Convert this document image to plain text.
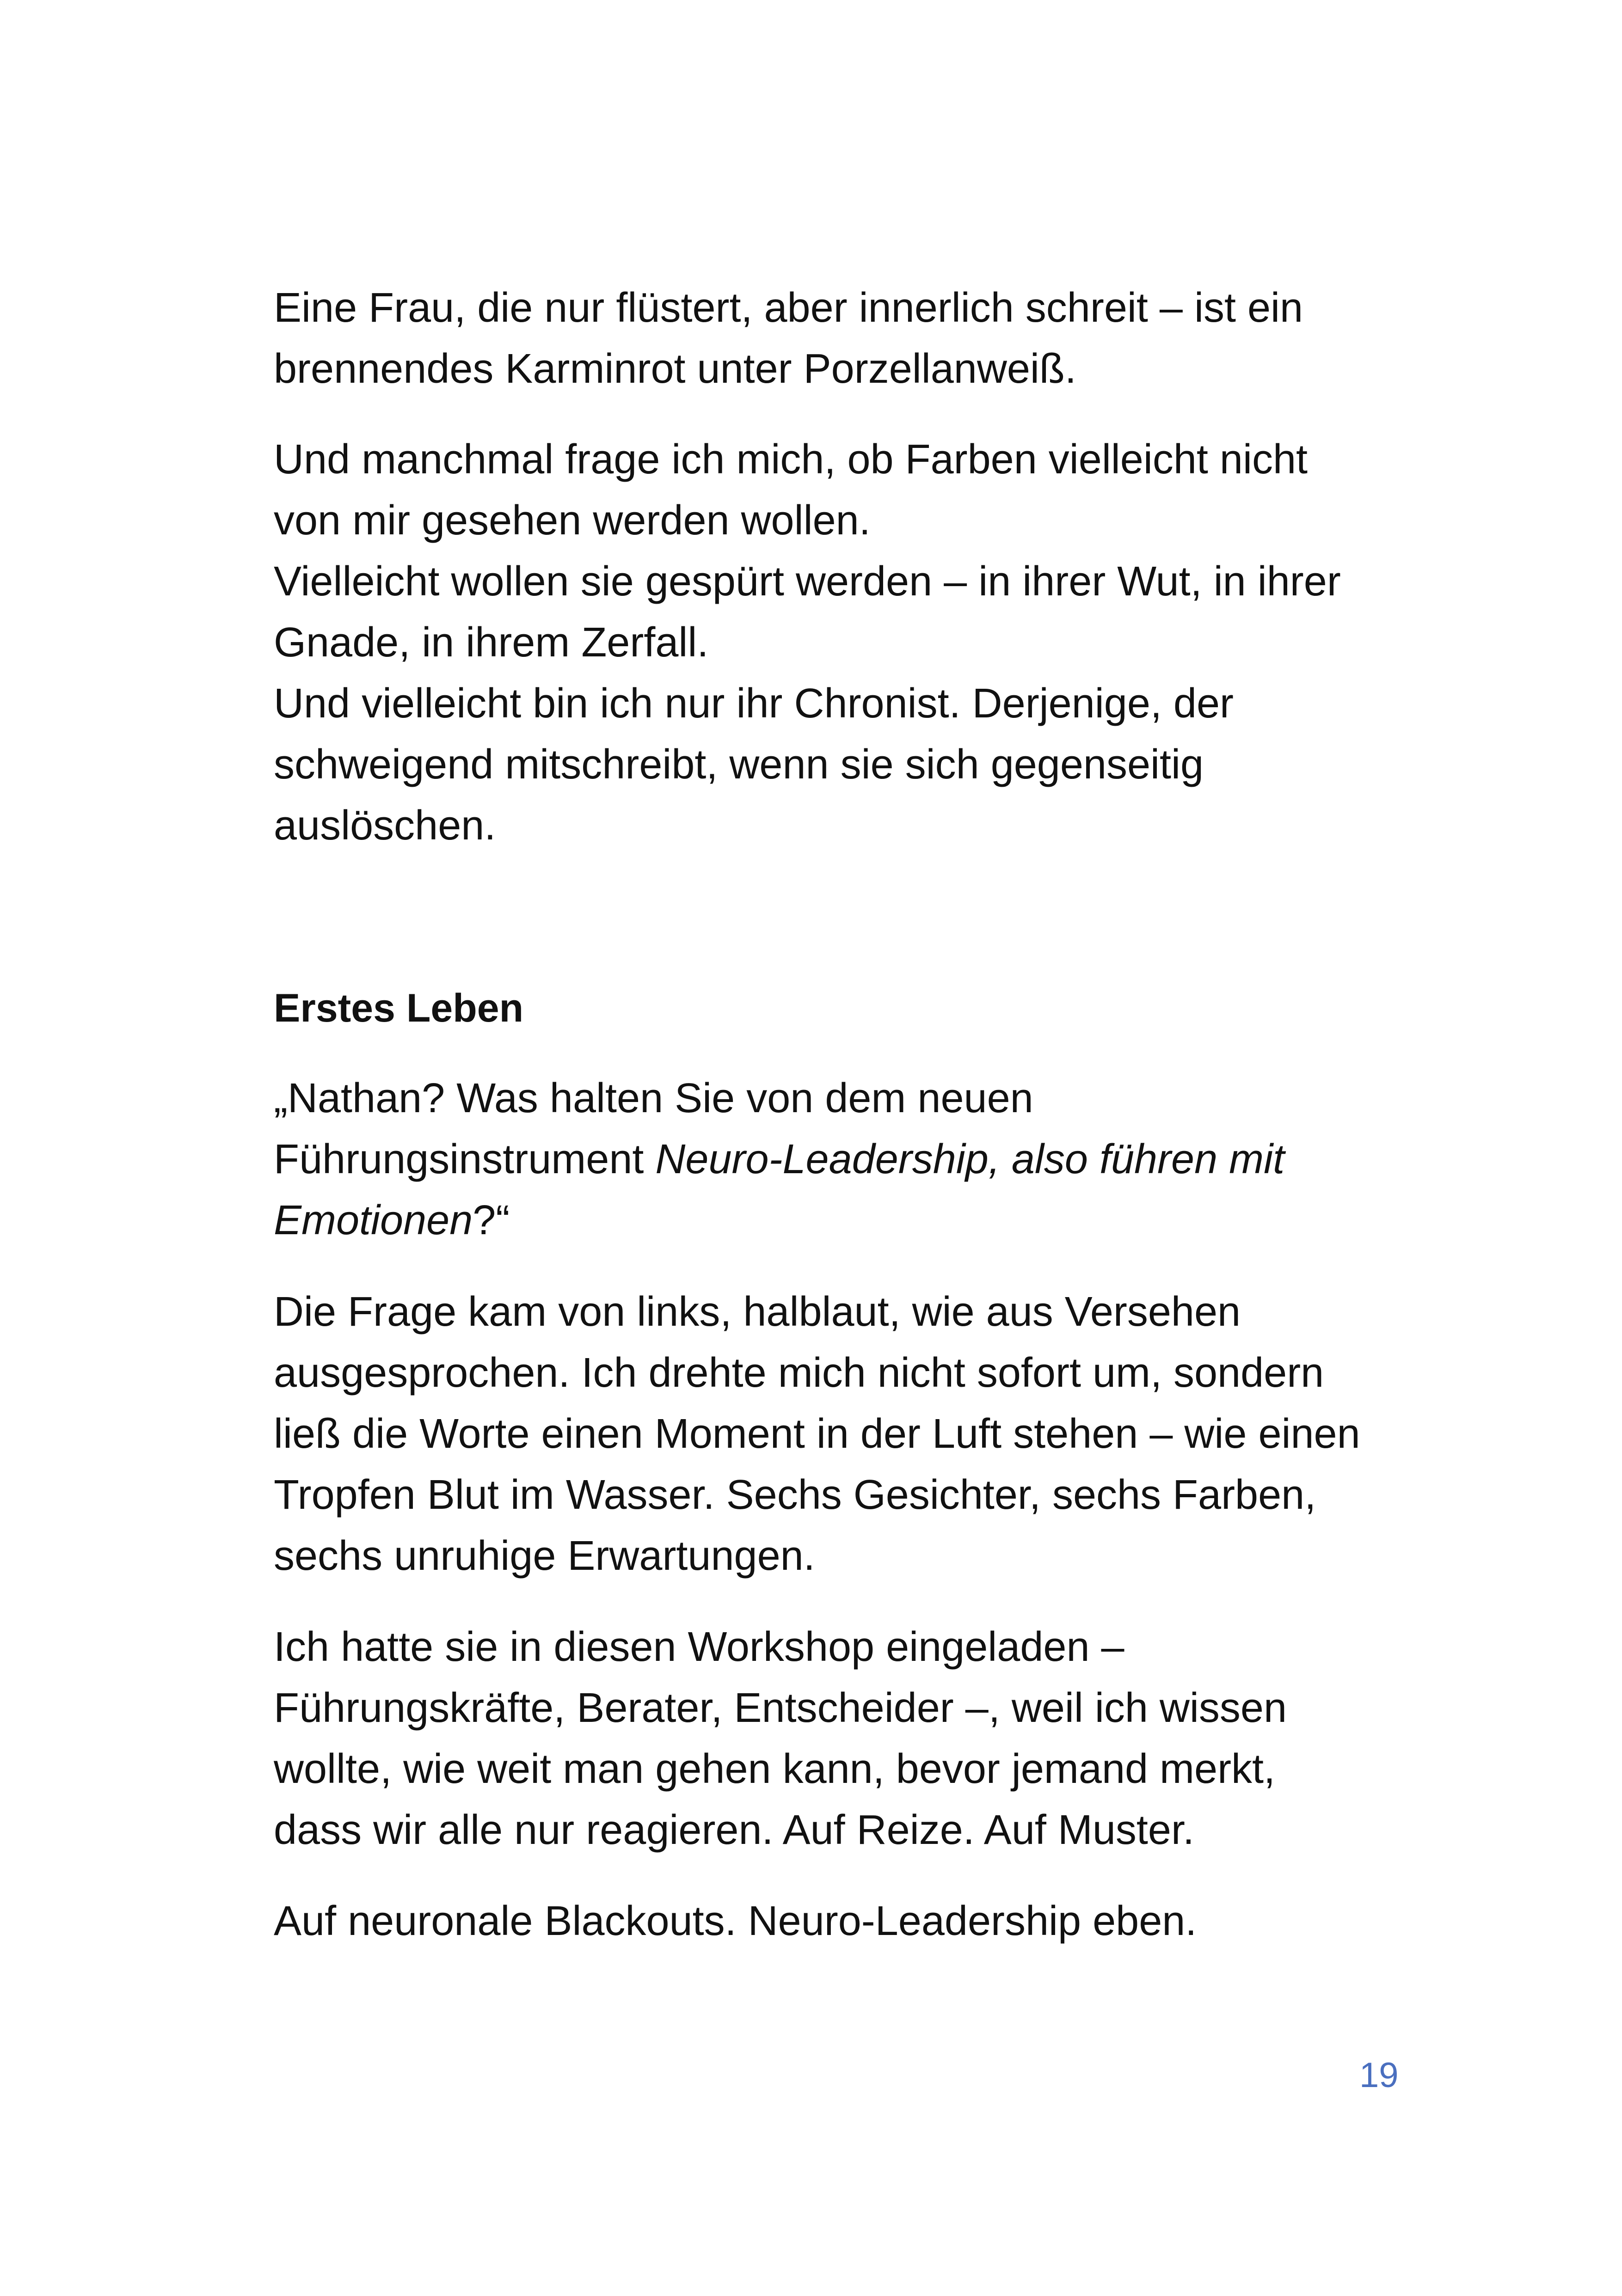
Eine Frau, die nur flüstert, aber innerlich schreit – ist ein
brennendes Karminrot unter Porzellanweiß.

Und manchmal frage ich mich, ob Farben vielleicht nicht
von mir gesehen werden wollen.
Vielleicht wollen sie gespürt werden – in ihrer Wut, in ihrer
Gnade, in ihrem Zerfall.
Und vielleicht bin ich nur ihr Chronist. Derjenige, der
schweigend mitschreibt, wenn sie sich gegenseitig
auslöschen.

Erstes Leben

„Nathan? Was halten Sie von dem neuen
Führungsinstrument Neuro-Leadership, also führen mit
Emotionen?“

Die Frage kam von links, halblaut, wie aus Versehen
ausgesprochen. Ich drehte mich nicht sofort um, sondern
ließ die Worte einen Moment in der Luft stehen – wie einen
Tropfen Blut im Wasser. Sechs Gesichter, sechs Farben,
sechs unruhige Erwartungen.

Ich hatte sie in diesen Workshop eingeladen –
Führungskräfte, Berater, Entscheider –, weil ich wissen
wollte, wie weit man gehen kann, bevor jemand merkt,
dass wir alle nur reagieren. Auf Reize. Auf Muster.

Auf neuronale Blackouts. Neuro-Leadership eben.

19
